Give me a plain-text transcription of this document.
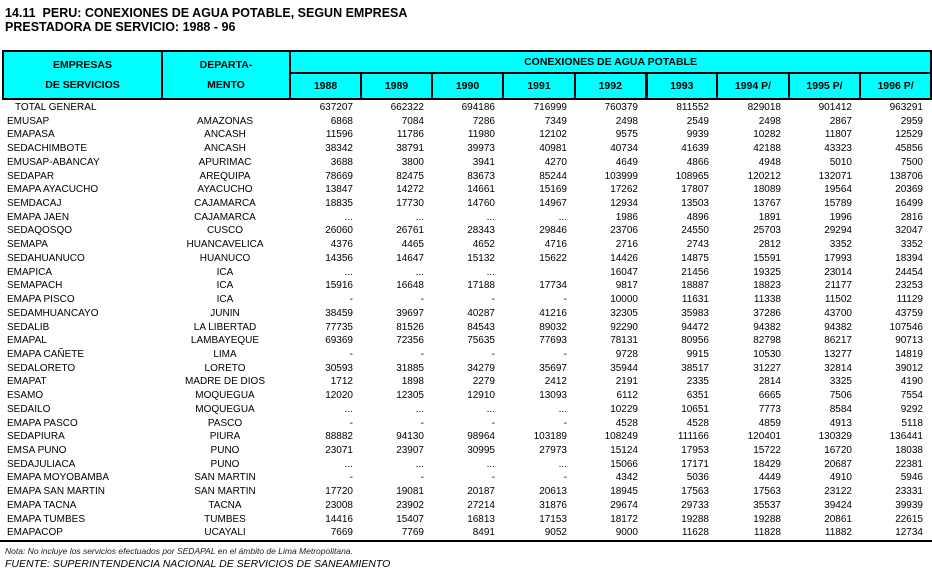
14.11  PERU: CONEXIONES DE AGUA POTABLE, SEGUN EMPRESA
PRESTADORA DE SERVICIO: 1988 - 96
EMPRESAS
DE SERVICIOS

DEPARTA-
MENTO
	CONEXIONES DE AGUA POTABLE
		1988	1989	1990	1991	1992	1993	1994 P/	1995 P/	1996 P/
TOTAL GENERAL		637207	662322	694186	716999	760379	811552	829018	901412	963291
EMUSAP	AMAZONAS	6868	7084	7286	7349	2498	2549	2498	2867	2959
EMAPASA	ANCASH	11596	11786	11980	12102	9575	9939	10282	11807	12529
SEDACHIMBOTE	ANCASH	38342	38791	39973	40981	40734	41639	42188	43323	45856
EMUSAP-ABANCAY	APURIMAC	3688	3800	3941	4270	4649	4866	4948	5010	7500
SEDAPAR	AREQUIPA	78669	82475	83673	85244	103999	108965	120212	132071	138706
EMAPA AYACUCHO	AYACUCHO	13847	14272	14661	15169	17262	17807	18089	19564	20369
SEMDACAJ	CAJAMARCA	18835	17730	14760	14967	12934	13503	13767	15789	16499
EMAPA JAEN	CAJAMARCA	...	...	...	...	1986	4896	1891	1996	2816
SEDAQOSQO	CUSCO	26060	26761	28343	29846	23706	24550	25703	29294	32047
SEMAPA	HUANCAVELICA	4376	4465	4652	4716	2716	2743	2812	3352	3352
SEDAHUANUCO	HUANUCO	14356	14647	15132	15622	14426	14875	15591	17993	18394
EMAPICA	ICA	...	...	...		16047	21456	19325	23014	24454
SEMAPACH	ICA	15916	16648	17188	17734	9817	18887	18823	21177	23253
EMAPA PISCO	ICA	-	-	-	-	10000	11631	11338	11502	11129
SEDAMHUANCAYO	JUNIN	38459	39697	40287	41216	32305	35983	37286	43700	43759
SEDALIB	LA LIBERTAD	77735	81526	84543	89032	92290	94472	94382	94382	107546
EMAPAL	LAMBAYEQUE	69369	72356	75635	77693	78131	80956	82798	86217	90713
EMAPA CAÑETE	LIMA	-	-	-	-	9728	9915	10530	13277	14819
SEDALORETO	LORETO	30593	31885	34279	35697	35944	38517	31227	32814	39012
EMAPAT	MADRE DE DIOS	1712	1898	2279	2412	2191	2335	2814	3325	4190
ESAMO	MOQUEGUA	12020	12305	12910	13093	6112	6351	6665	7506	7554
SEDAILO	MOQUEGUA	...	...	...	...	10229	10651	7773	8584	9292
EMAPA PASCO	PASCO	-	-	-	-	4528	4528	4859	4913	5118
SEDAPIURA	PIURA	88882	94130	98964	103189	108249	111166	120401	130329	136441
EMSA PUNO	PUNO	23071	23907	30995	27973	15124	17953	15722	16720	18038
SEDAJULIACA	PUNO	...	...	...	...	15066	17171	18429	20687	22381
EMAPA MOYOBAMBA	SAN MARTIN	-	-	-	-	4342	5036	4449	4910	5946
EMAPA SAN MARTIN	SAN MARTIN	17720	19081	20187	20613	18945	17563	17563	23122	23331
EMAPA TACNA	TACNA	23008	23902	27214	31876	29674	29733	35537	39424	39939
EMAPA TUMBES	TUMBES	14416	15407	16813	17153	18172	19288	19288	20861	22615
EMAPACOP	UCAYALI	7669	7769	8491	9052	9000	11628	11828	11882	12734
Nota: No incluye los servicios efectuados por SEDAPAL en el ámbito de Lima Metropolitana.
FUENTE: SUPERINTENDENCIA NACIONAL DE SERVICIOS DE SANEAMIENTO
